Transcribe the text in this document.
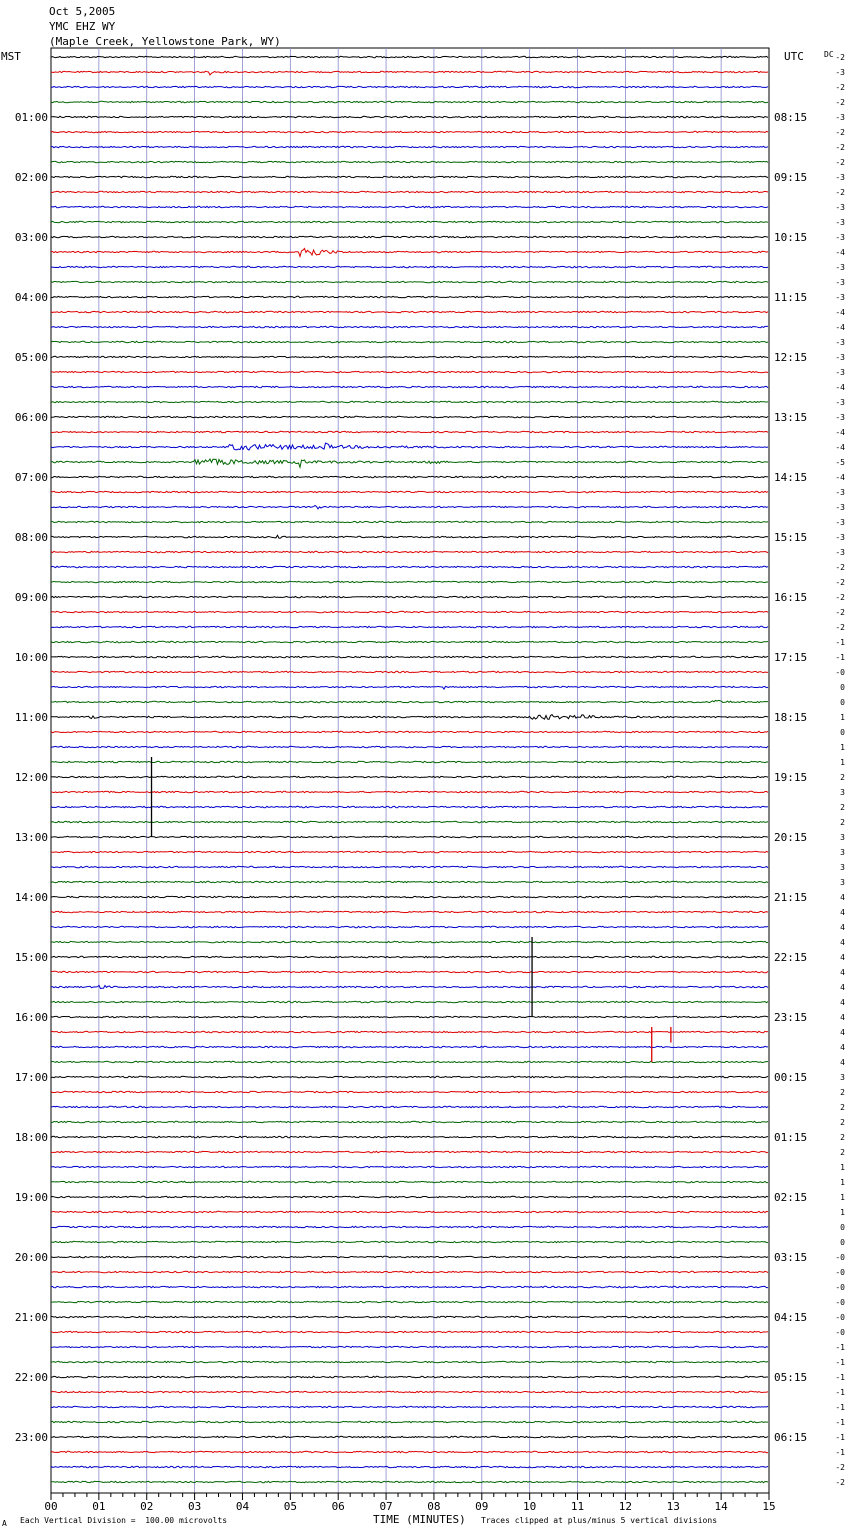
01:00
02:00
03:00
04:00
05:00
06:00
07:00
08:00
09:00
10:00
11:00
12:00
13:00
14:00
15:00
16:00
17:00
18:00
19:00
20:00
21:00
22:00
23:00
08:15
09:15
10:15
11:15
12:15
13:15
14:15
15:15
16:15
17:15
18:15
19:15
20:15
21:15
22:15
23:15
00:15
01:15
02:15
03:15
04:15
05:15
06:15
-2
-3
-2
-2
-3
-2
-2
-2
-3
-2
-3
-3
-3
-4
-3
-3
-3
-4
-4
-3
-3
-3
-4
-3
-3
-4
-4
-5
-4
-3
-3
-3
-3
-3
-2
-2
-2
-2
-2
-1
-1
-0
0
0
1
0
1
1
2
3
2
2
3
3
3
3
4
4
4
4
4
4
4
4
4
4
4
4
3
2
2
2
2
2
1
1
1
1
0
0
-0
-0
-0
-0
-0
-0
-1
-1
-1
-1
-1
-1
-1
-1
-2
-2
00	01	02	03	04	05	06	07	08	09	10	11	12	13	14	15
Oct 5,2005
YMC EHZ WY
(Maple Creek, Yellowstone Park, WY)
MST	UTC	DC
A Each Vertical Division =  100.00 microvolts	TIME (MINUTES) Traces clipped at plus/minus 5 vertical divisions
